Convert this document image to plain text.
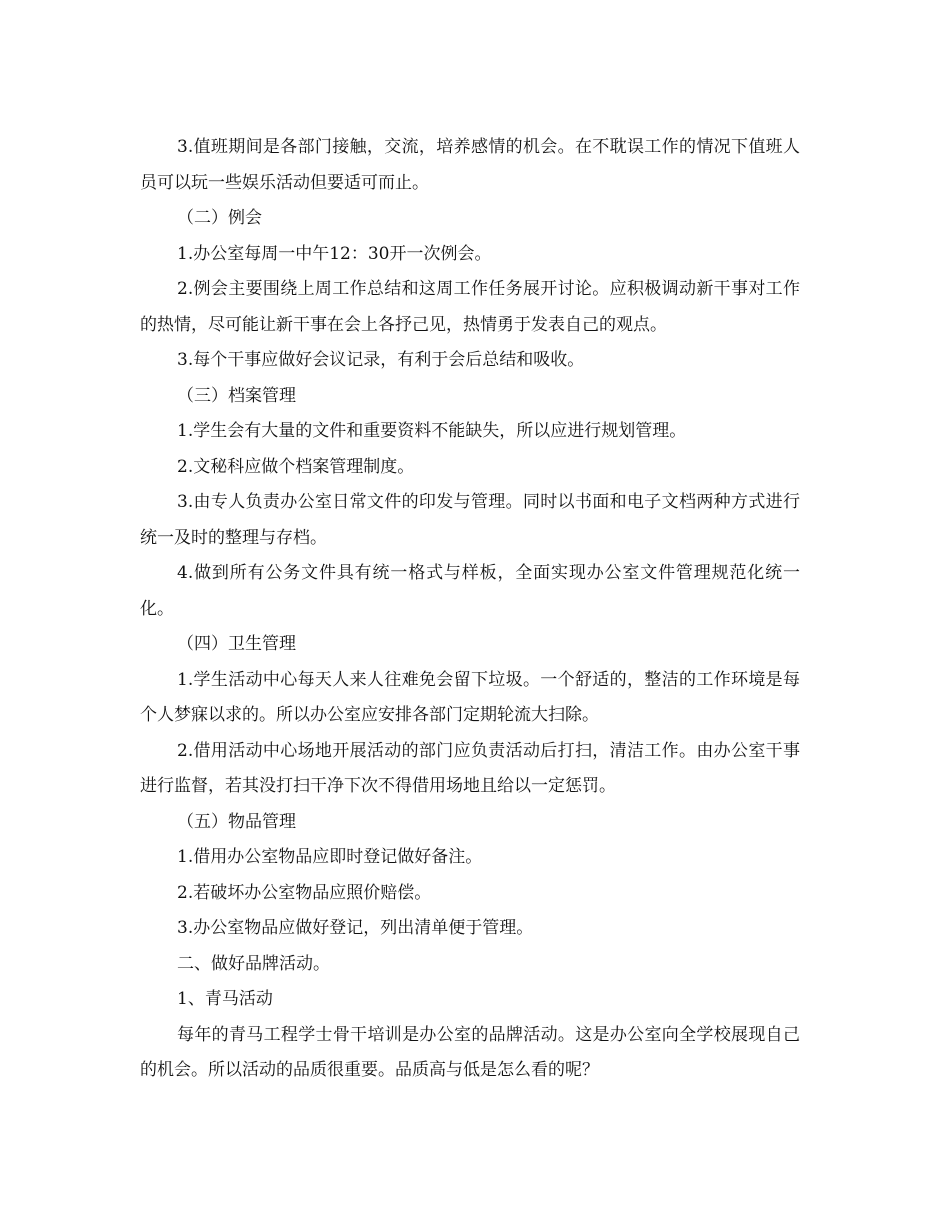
3.值班期间是各部门接触，交流，培养感情的机会。在不耽误工作的情况下值班人员可以玩一些娱乐活动但要适可而止。

（二）例会

1.办公室每周一中午12：30开一次例会。

2.例会主要围绕上周工作总结和这周工作任务展开讨论。应积极调动新干事对工作的热情，尽可能让新干事在会上各抒己见，热情勇于发表自己的观点。

3.每个干事应做好会议记录，有利于会后总结和吸收。

（三）档案管理

1.学生会有大量的文件和重要资料不能缺失，所以应进行规划管理。

2.文秘科应做个档案管理制度。

3.由专人负责办公室日常文件的印发与管理。同时以书面和电子文档两种方式进行统一及时的整理与存档。

4.做到所有公务文件具有统一格式与样板，全面实现办公室文件管理规范化统一化。

（四）卫生管理

1.学生活动中心每天人来人往难免会留下垃圾。一个舒适的，整洁的工作环境是每个人梦寐以求的。所以办公室应安排各部门定期轮流大扫除。

2.借用活动中心场地开展活动的部门应负责活动后打扫，清洁工作。由办公室干事进行监督，若其没打扫干净下次不得借用场地且给以一定惩罚。

（五）物品管理

1.借用办公室物品应即时登记做好备注。

2.若破坏办公室物品应照价赔偿。

3.办公室物品应做好登记，列出清单便于管理。

二、做好品牌活动。

1、青马活动

每年的青马工程学士骨干培训是办公室的品牌活动。这是办公室向全学校展现自己的机会。所以活动的品质很重要。品质高与低是怎么看的呢？
